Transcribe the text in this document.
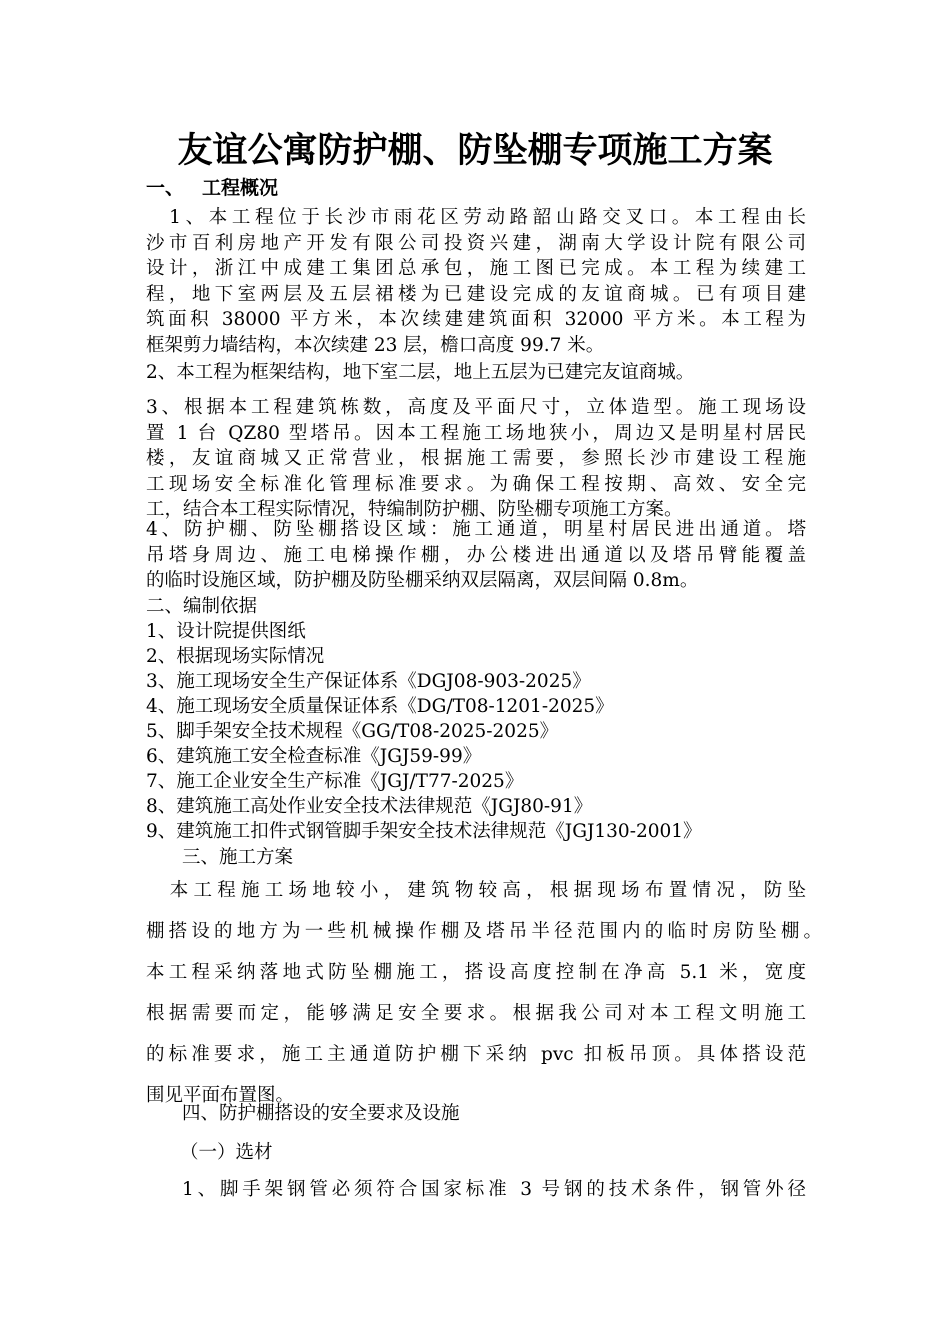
友谊公寓防护棚、防坠棚专项施工方案
一、 工程概况
　1、本工程位于长沙市雨花区劳动路韶山路交叉口。本工程由长
沙市百利房地产开发有限公司投资兴建，湖南大学设计院有限公司
设计，浙江中成建工集团总承包，施工图已完成。本工程为续建工
程，地下室两层及五层裙楼为已建设完成的友谊商城。已有项目建
筑面积 38000 平方米，本次续建建筑面积 32000 平方米。本工程为
框架剪力墙结构，本次续建 23 层，檐口高度 99.7 米。
2、本工程为框架结构，地下室二层，地上五层为已建完友谊商城。
3、根据本工程建筑栋数，高度及平面尺寸，立体造型。施工现场设
置 1 台 QZ80 型塔吊。因本工程施工场地狭小，周边又是明星村居民
楼，友谊商城又正常营业，根据施工需要，参照长沙市建设工程施
工现场安全标准化管理标准要求。为确保工程按期、高效、安全完
工，结合本工程实际情况，特编制防护棚、防坠棚专项施工方案。
4、防护棚、防坠棚搭设区域：施工通道，明星村居民进出通道。塔
吊塔身周边、施工电梯操作棚，办公楼进出通道以及塔吊臂能覆盖
的临时设施区域，防护棚及防坠棚采纳双层隔离，双层间隔 0.8m。
二、编制依据
1、设计院提供图纸
2、根据现场实际情况
3、施工现场安全生产保证体系《DGJ08-903-2025》
4、施工现场安全质量保证体系《DG/T08-1201-2025》
5、脚手架安全技术规程《GG/T08-2025-2025》
6、建筑施工安全检查标准《JGJ59-99》
7、施工企业安全生产标准《JGJ/T77-2025》
8、建筑施工高处作业安全技术法律规范《JGJ80-91》
9、建筑施工扣件式钢管脚手架安全技术法律规范《JGJ130-2001》
三、施工方案
　本工程施工场地较小，建筑物较高，根据现场布置情况，防坠
棚搭设的地方为一些机械操作棚及塔吊半径范围内的临时房防坠棚。
本工程采纳落地式防坠棚施工，搭设高度控制在净高 5.1 米，宽度
根据需要而定，能够满足安全要求。根据我公司对本工程文明施工
的标准要求，施工主通道防护棚下采纳 pvc 扣板吊顶。具体搭设范
围见平面布置图。
四、防护棚搭设的安全要求及设施
（一）选材
1、脚手架钢管必须符合国家标准 3 号钢的技术条件，钢管外径
